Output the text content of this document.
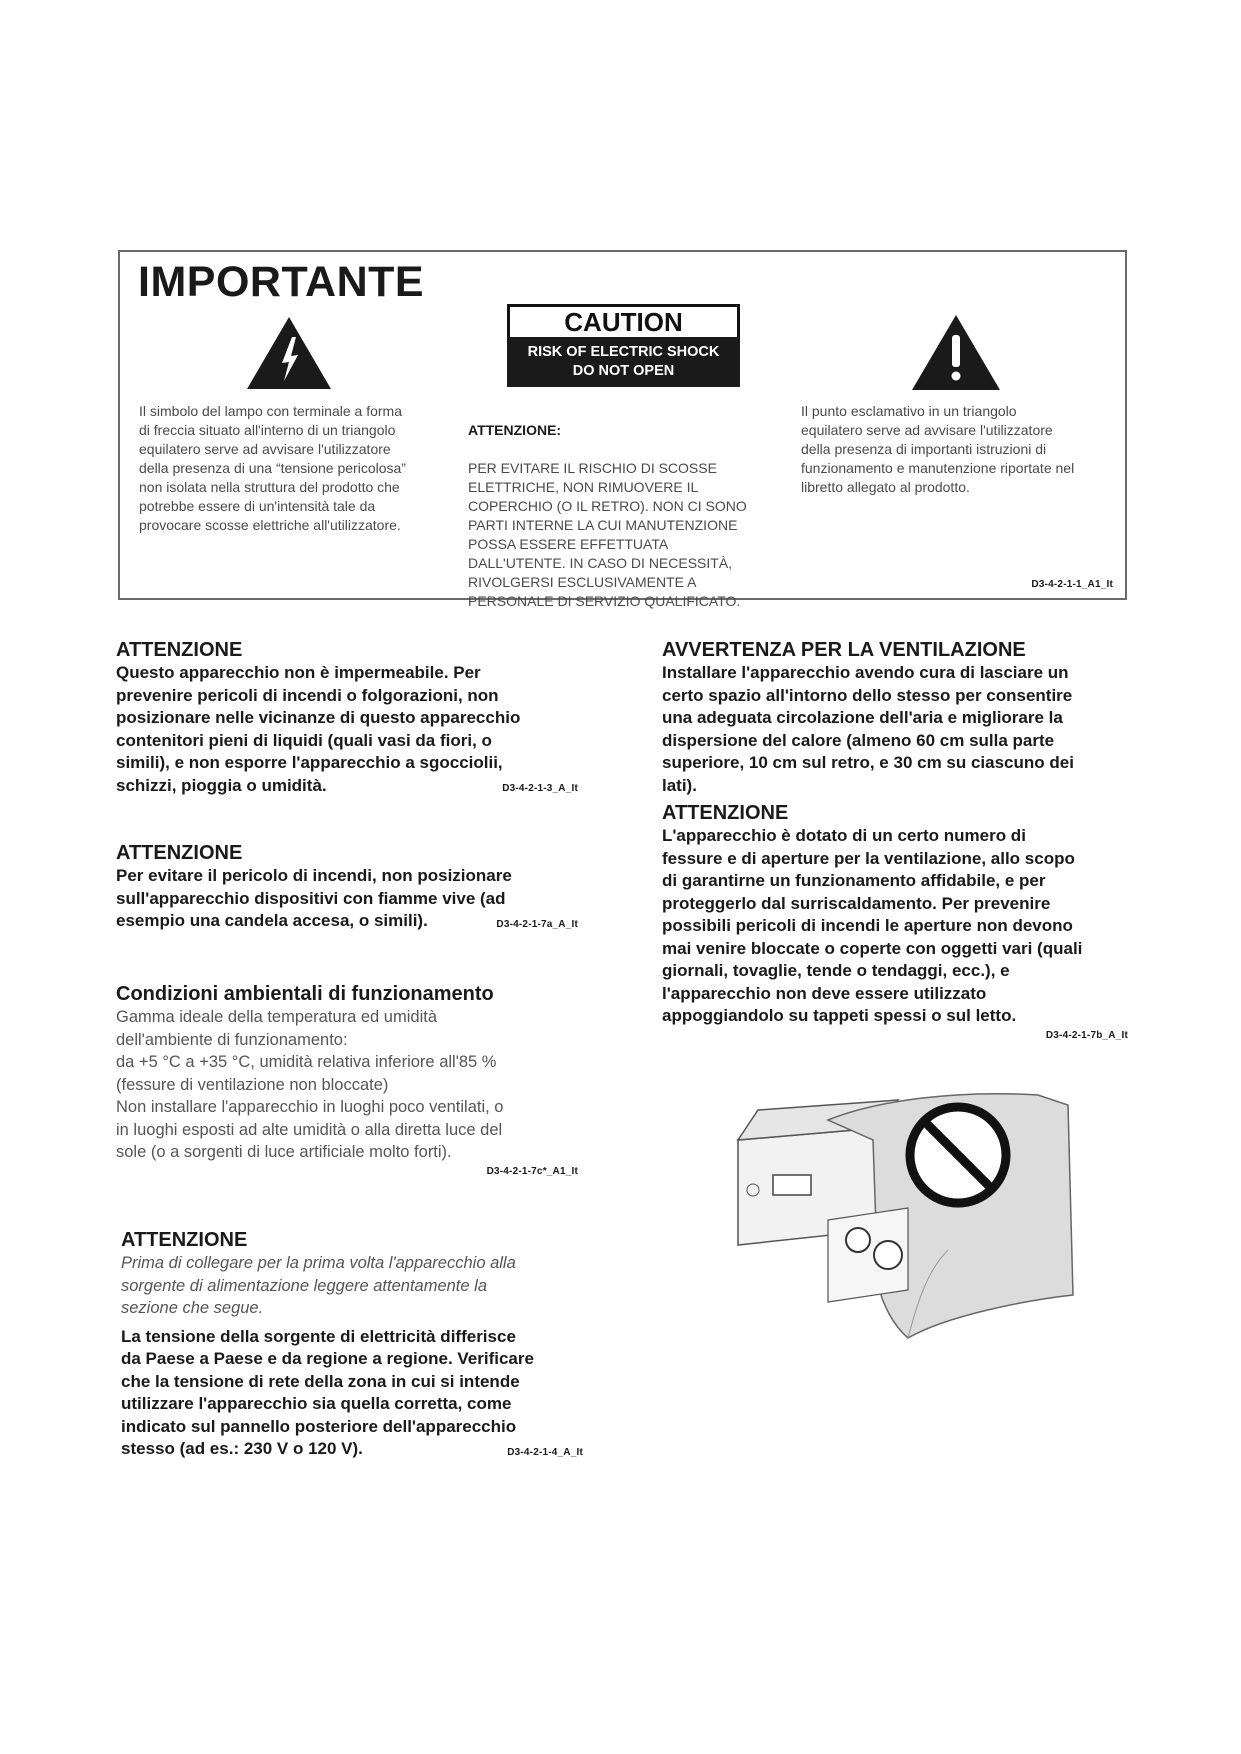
IMPORTANTE
CAUTION
RISK OF ELECTRIC SHOCK
DO NOT OPEN
Il simbolo del lampo con terminale a forma
di freccia situato all'interno di un triangolo
equilatero serve ad avvisare l'utilizzatore
della presenza di una “tensione pericolosa”
non isolata nella struttura del prodotto che
potrebbe essere di un'intensità tale da
provocare scosse elettriche all'utilizzatore.

ATTENZIONE:

PER EVITARE IL RISCHIO DI SCOSSE
ELETTRICHE, NON RIMUOVERE IL
COPERCHIO (O IL RETRO). NON CI SONO
PARTI INTERNE LA CUI MANUTENZIONE
POSSA ESSERE EFFETTUATA
DALL'UTENTE. IN CASO DI NECESSITÀ,
RIVOLGERSI ESCLUSIVAMENTE A
PERSONALE DI SERVIZIO QUALIFICATO.

Il punto esclamativo in un triangolo
equilatero serve ad avvisare l'utilizzatore
della presenza di importanti istruzioni di
funzionamento e manutenzione riportate nel
libretto allegato al prodotto.
D3-4-2-1-1_A1_It
ATTENZIONE
Questo apparecchio non è impermeabile. Per
prevenire pericoli di incendi o folgorazioni, non
posizionare nelle vicinanze di questo apparecchio
contenitori pieni di liquidi (quali vasi da fiori, o
simili), e non esporre l'apparecchio a sgocciolii,
schizzi, pioggia o umidità.	D3-4-2-1-3_A_It
ATTENZIONE
Per evitare il pericolo di incendi, non posizionare
sull'apparecchio dispositivi con fiamme vive (ad
esempio una candela accesa, o simili).	D3-4-2-1-7a_A_It
Condizioni ambientali di funzionamento
Gamma ideale della temperatura ed umidità
dell'ambiente di funzionamento:
da +5 °C a +35 °C, umidità relativa inferiore all'85 %
(fessure di ventilazione non bloccate)
Non installare l'apparecchio in luoghi poco ventilati, o
in luoghi esposti ad alte umidità o alla diretta luce del
sole (o a sorgenti di luce artificiale molto forti).
D3-4-2-1-7c*_A1_It
ATTENZIONE
Prima di collegare per la prima volta l'apparecchio alla
sorgente di alimentazione leggere attentamente la
sezione che segue.
La tensione della sorgente di elettricità differisce
da Paese a Paese e da regione a regione. Verificare
che la tensione di rete della zona in cui si intende
utilizzare l'apparecchio sia quella corretta, come
indicato sul pannello posteriore dell'apparecchio
stesso (ad es.: 230 V o 120 V).	D3-4-2-1-4_A_It
AVVERTENZA PER LA VENTILAZIONE
Installare l'apparecchio avendo cura di lasciare un
certo spazio all'intorno dello stesso per consentire
una adeguata circolazione dell'aria e migliorare la
dispersione del calore (almeno 60 cm sulla parte
superiore, 10 cm sul retro, e 30 cm su ciascuno dei
lati).
ATTENZIONE
L'apparecchio è dotato di un certo numero di
fessure e di aperture per la ventilazione, allo scopo
di garantirne un funzionamento affidabile, e per
proteggerlo dal surriscaldamento. Per prevenire
possibili pericoli di incendi le aperture non devono
mai venire bloccate o coperte con oggetti vari (quali
giornali, tovaglie, tende o tendaggi, ecc.), e
l'apparecchio non deve essere utilizzato
appoggiandolo su tappeti spessi o sul letto.
D3-4-2-1-7b_A_It
